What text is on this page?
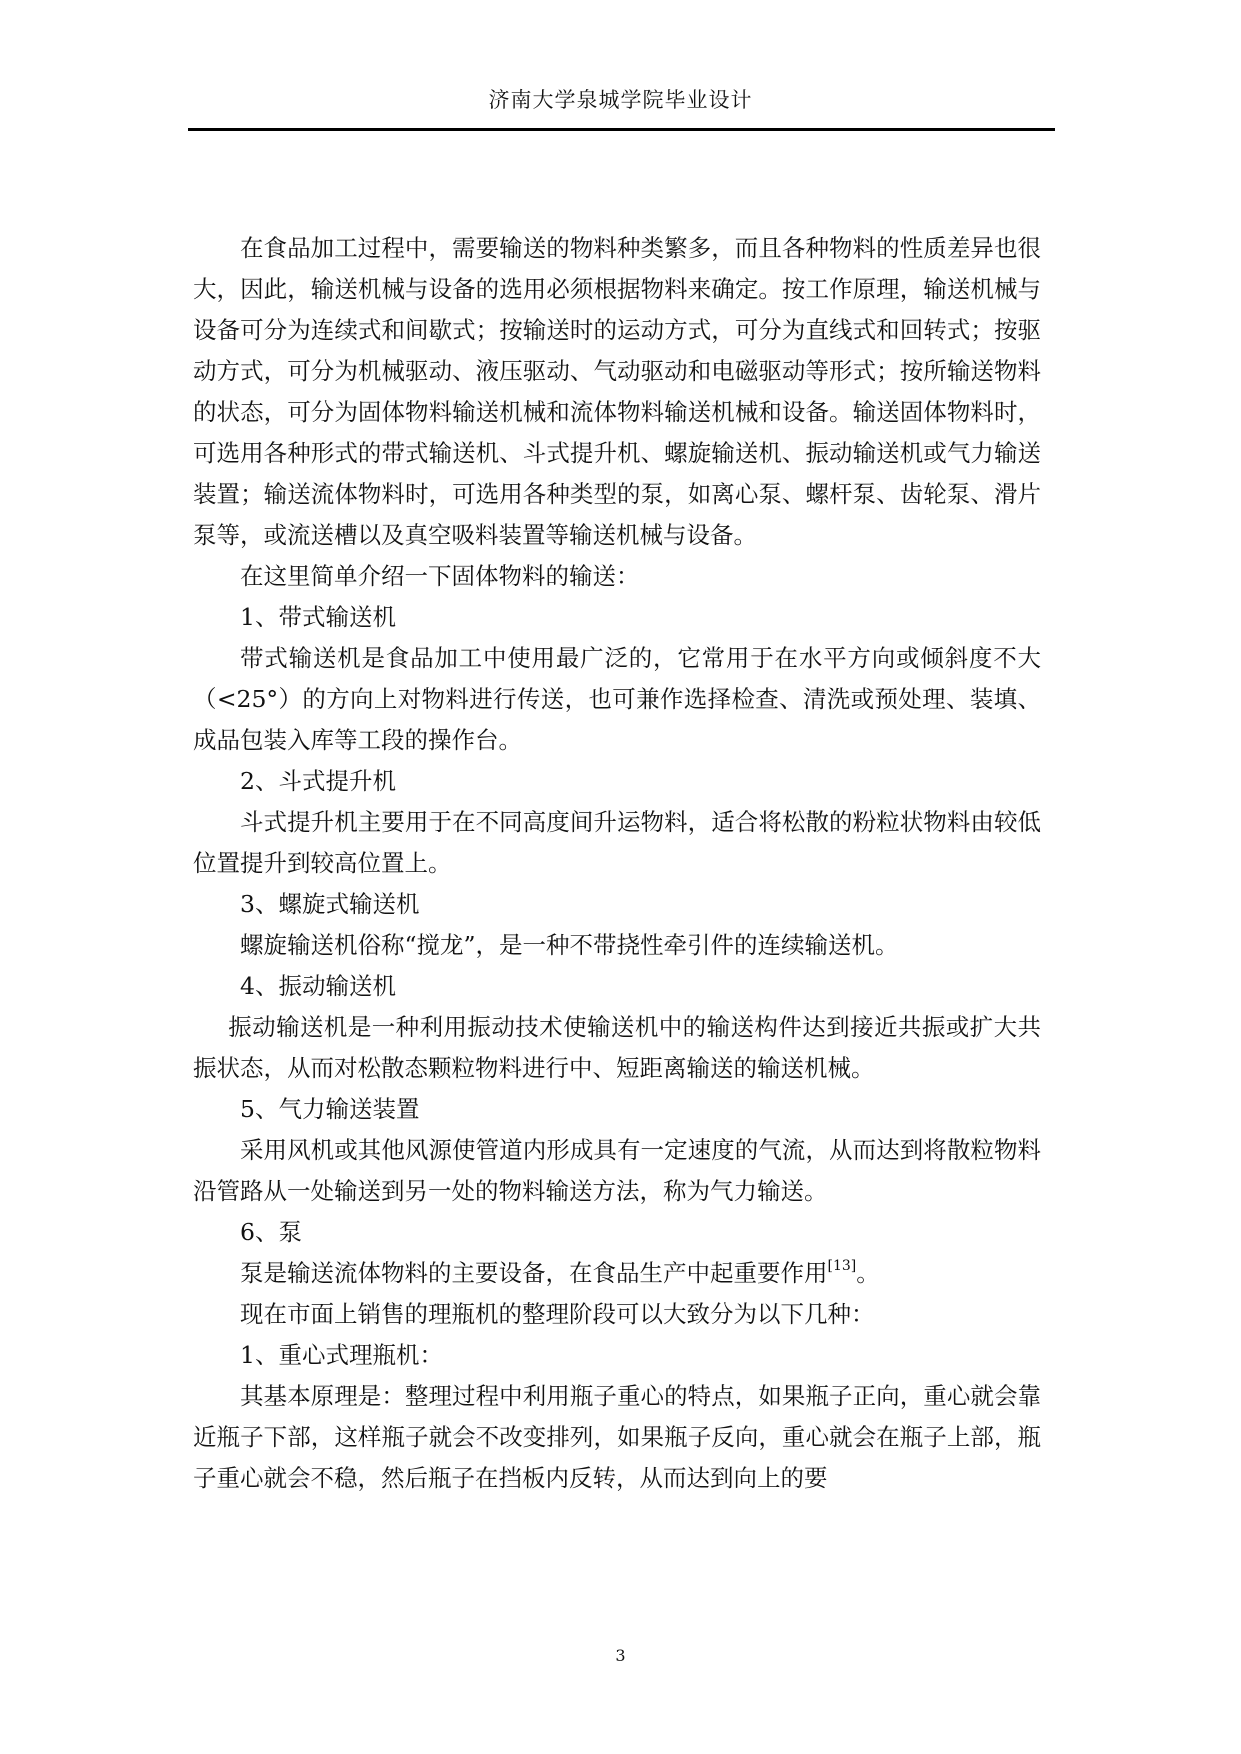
济南大学泉城学院毕业设计

在食品加工过程中，需要输送的物料种类繁多，而且各种物料的性质差异也很大，因此，输送机械与设备的选用必须根据物料来确定。按工作原理，输送机械与设备可分为连续式和间歇式；按输送时的运动方式，可分为直线式和回转式；按驱动方式，可分为机械驱动、液压驱动、气动驱动和电磁驱动等形式；按所输送物料的状态，可分为固体物料输送机械和流体物料输送机械和设备。输送固体物料时，可选用各种形式的带式输送机、斗式提升机、螺旋输送机、振动输送机或气力输送装置；输送流体物料时，可选用各种类型的泵，如离心泵、螺杆泵、齿轮泵、滑片泵等，或流送槽以及真空吸料装置等输送机械与设备。

在这里简单介绍一下固体物料的输送：

1、带式输送机

带式输送机是食品加工中使用最广泛的，它常用于在水平方向或倾斜度不大（<25°）的方向上对物料进行传送，也可兼作选择检查、清洗或预处理、装填、成品包装入库等工段的操作台。

2、斗式提升机

斗式提升机主要用于在不同高度间升运物料，适合将松散的粉粒状物料由较低位置提升到较高位置上。

3、螺旋式输送机

螺旋输送机俗称“搅龙”，是一种不带挠性牵引件的连续输送机。

4、振动输送机

振动输送机是一种利用振动技术使输送机中的输送构件达到接近共振或扩大共振状态，从而对松散态颗粒物料进行中、短距离输送的输送机械。

5、气力输送装置

采用风机或其他风源使管道内形成具有一定速度的气流，从而达到将散粒物料沿管路从一处输送到另一处的物料输送方法，称为气力输送。

6、泵

泵是输送流体物料的主要设备，在食品生产中起重要作用[13]。

现在市面上销售的理瓶机的整理阶段可以大致分为以下几种：

1、重心式理瓶机：

其基本原理是：整理过程中利用瓶子重心的特点，如果瓶子正向，重心就会靠近瓶子下部，这样瓶子就会不改变排列，如果瓶子反向，重心就会在瓶子上部，瓶子重心就会不稳，然后瓶子在挡板内反转，从而达到向上的要

3
